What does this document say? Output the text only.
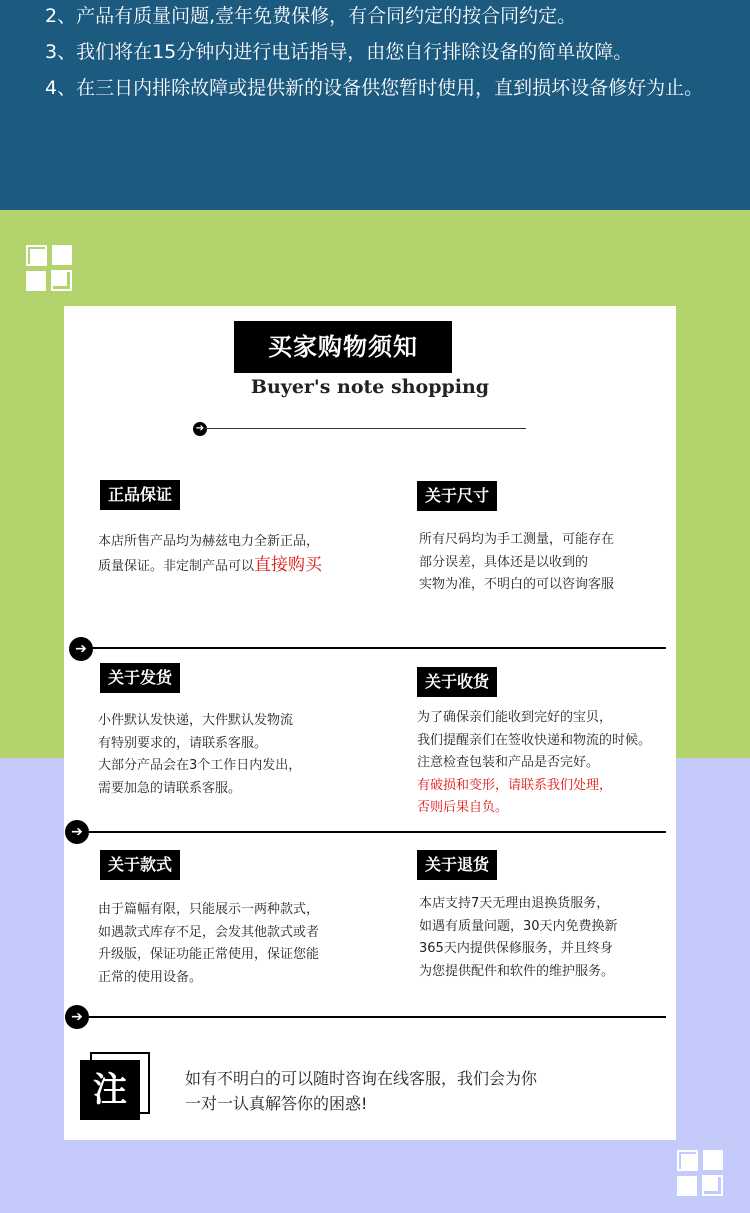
2、产品有质量问题,壹年免费保修，有合同约定的按合同约定。

3、我们将在15分钟内进行电话指导，由您自行排除设备的简单故障。

4、在三日内排除故障或提供新的设备供您暂时使用，直到损坏设备修好为止。

买家购物须知
Buyer's note shopping
➔
正品保证
本店所售产品均为赫兹电力全新正品，
质量保证。非定制产品可以直接购买
关于尺寸
所有尺码均为手工测量，可能存在
部分误差，具体还是以收到的
实物为准，不明白的可以咨询客服
➔
关于发货
小件默认发快递，大件默认发物流
有特别要求的，请联系客服。
大部分产品会在3个工作日内发出，
需要加急的请联系客服。
关于收货
为了确保亲们能收到完好的宝贝，
我们提醒亲们在签收快递和物流的时候。
注意检查包装和产品是否完好。
有破损和变形，请联系我们处理，
否则后果自负。
➔
关于款式
由于篇幅有限，只能展示一两种款式，
如遇款式库存不足，会发其他款式或者
升级版，保证功能正常使用，保证您能
正常的使用设备。
关于退货
本店支持7天无理由退换货服务，
如遇有质量问题，30天内免费换新
365天内提供保修服务，并且终身
为您提供配件和软件的维护服务。
➔
注	如有不明白的可以随时咨询在线客服，我们会为你
一对一认真解答你的困惑!
